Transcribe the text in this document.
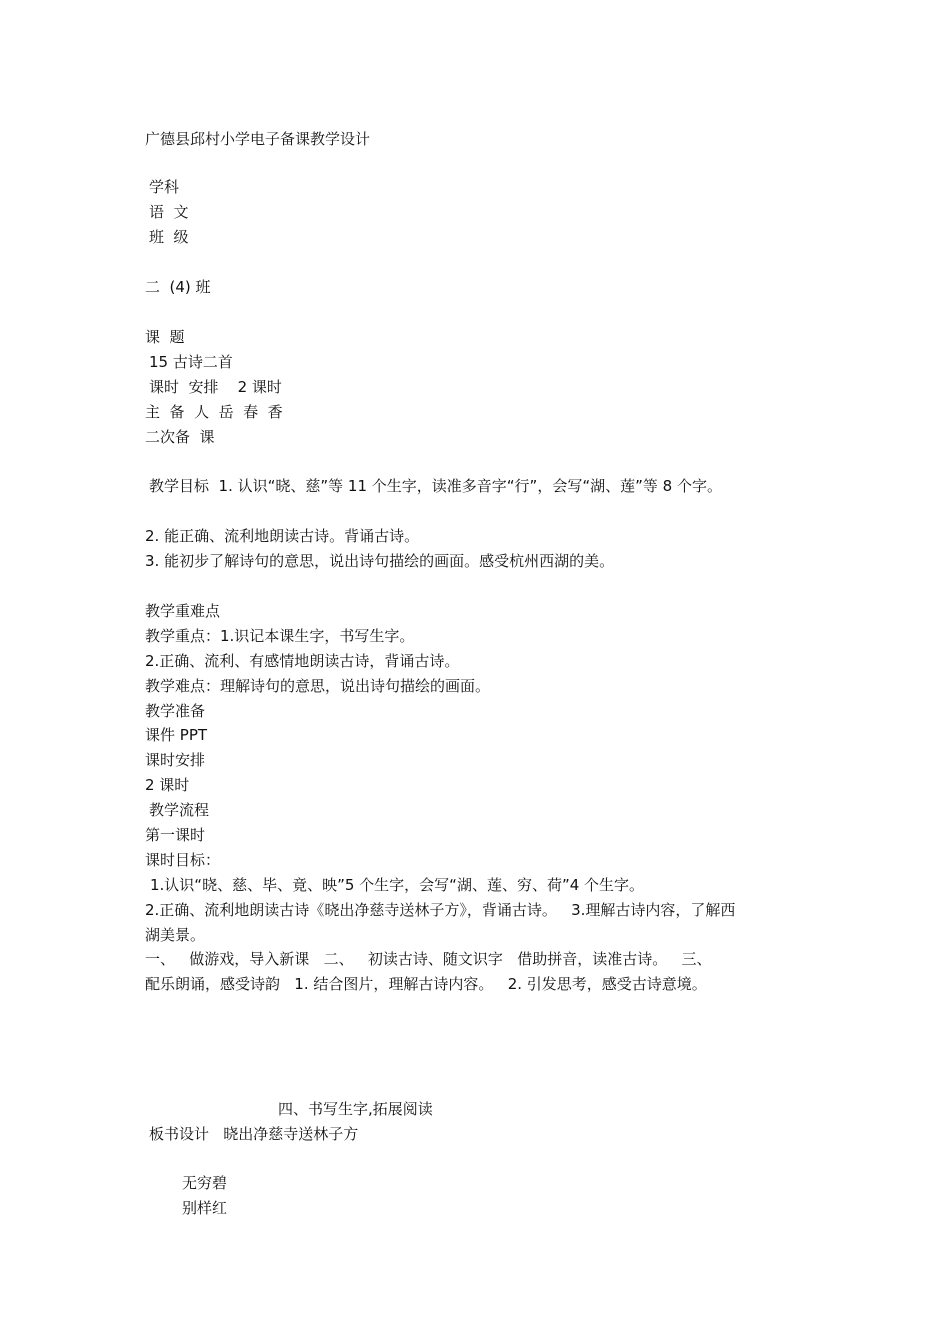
广德县邱村小学电子备课教学设计
学科
语  文
班  级
二  (4) 班
课  题
15 古诗二首
课时  安排    2 课时
主  备  人  岳  春  香
二次备  课
教学目标  1. 认识“晓、慈”等 11 个生字，读准多音字“行”，会写“湖、莲”等 8 个字。
2. 能正确、流利地朗读古诗。背诵古诗。
3. 能初步了解诗句的意思，说出诗句描绘的画面。感受杭州西湖的美。
教学重难点
教学重点：1.识记本课生字，书写生字。
2.正确、流利、有感情地朗读古诗，背诵古诗。
教学难点：理解诗句的意思，说出诗句描绘的画面。
教学准备
课件 PPT
课时安排
2 课时
教学流程
第一课时
课时目标：
1.认识“晓、慈、毕、竟、映”5 个生字，会写“湖、莲、穷、荷”4 个生字。
2.正确、流利地朗读古诗《晓出净慈寺送林子方》，背诵古诗。   3.理解古诗内容，了解西
湖美景。
一、   做游戏，导入新课   二、   初读古诗、随文识字   借助拼音，读准古诗。   三、
配乐朗诵，感受诗韵   1. 结合图片，理解古诗内容。   2. 引发思考，感受古诗意境。
四、书写生字,拓展阅读
板书设计   晓出净慈寺送林子方
无穷碧
别样红
